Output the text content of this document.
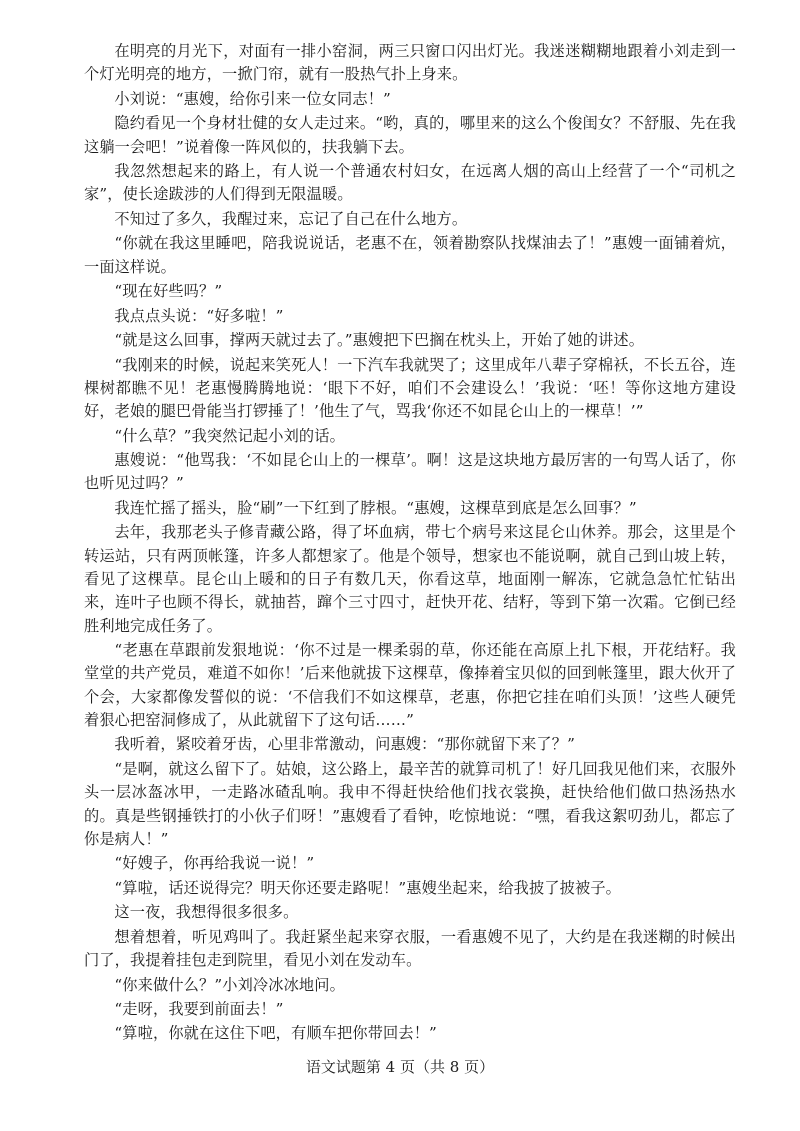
在明亮的月光下，对面有一排小窑洞，两三只窗口闪出灯光。我迷迷糊糊地跟着小刘走到一个灯光明亮的地方，一掀门帘，就有一股热气扑上身来。

小刘说：“惠嫂，给你引来一位女同志！”

隐约看见一个身材壮健的女人走过来。“哟，真的，哪里来的这么个俊闺女？不舒服、先在我这躺一会吧！”说着像一阵风似的，扶我躺下去。

我忽然想起来的路上，有人说一个普通农村妇女，在远离人烟的高山上经营了一个“司机之家”，使长途跋涉的人们得到无限温暖。

不知过了多久，我醒过来，忘记了自己在什么地方。

“你就在我这里睡吧，陪我说说话，老惠不在，领着勘察队找煤油去了！”惠嫂一面铺着炕，一面这样说。

“现在好些吗？”

我点点头说：“好多啦！”

“就是这么回事，撑两天就过去了。”惠嫂把下巴搁在枕头上，开始了她的讲述。

“我刚来的时候，说起来笑死人！一下汽车我就哭了；这里成年八辈子穿棉袄，不长五谷，连棵树都瞧不见！老惠慢腾腾地说：‘眼下不好，咱们不会建设么！’我说：‘呸！等你这地方建设好，老娘的腿巴骨能当打锣捶了！’他生了气，骂我‘你还不如昆仑山上的一棵草！’”

“什么草？”我突然记起小刘的话。

惠嫂说：“他骂我：‘不如昆仑山上的一棵草’。啊！这是这块地方最厉害的一句骂人话了，你也听见过吗？”

我连忙摇了摇头，脸“刷”一下红到了脖根。“惠嫂，这棵草到底是怎么回事？”

去年，我那老头子修青藏公路，得了坏血病，带七个病号来这昆仑山休养。那会，这里是个转运站，只有两顶帐篷，许多人都想家了。他是个领导，想家也不能说啊，就自己到山坡上转，看见了这棵草。昆仑山上暖和的日子有数几天，你看这草，地面刚一解冻，它就急急忙忙钻出来，连叶子也顾不得长，就抽苔，蹿个三寸四寸，赶快开花、结籽，等到下第一次霜。它倒已经胜利地完成任务了。

“老惠在草跟前发狠地说：‘你不过是一棵柔弱的草，你还能在高原上扎下根，开花结籽。我堂堂的共产党员，难道不如你！’后来他就拔下这棵草，像捧着宝贝似的回到帐篷里，跟大伙开了个会，大家都像发誓似的说：‘不信我们不如这棵草，老惠，你把它挂在咱们头顶！’这些人硬凭着狠心把窑洞修成了，从此就留下了这句话……”

我听着，紧咬着牙齿，心里非常激动，问惠嫂：“那你就留下来了？”

“是啊，就这么留下了。姑娘，这公路上，最辛苦的就算司机了！好几回我见他们来，衣服外头一层冰盔冰甲，一走路冰碴乱响。我申不得赶快给他们找衣裳换，赶快给他们做口热汤热水的。真是些钢捶铁打的小伙子们呀！”惠嫂看了看钟，吃惊地说：“嘿，看我这絮叨劲儿，都忘了你是病人！”

“好嫂子，你再给我说一说！”

“算啦，话还说得完？明天你还要走路呢！”惠嫂坐起来，给我披了披被子。

这一夜，我想得很多很多。

想着想着，听见鸡叫了。我赶紧坐起来穿衣服，一看惠嫂不见了，大约是在我迷糊的时候出门了，我提着挂包走到院里，看见小刘在发动车。

“你来做什么？”小刘冷冰冰地问。

“走呀，我要到前面去！”

“算啦，你就在这住下吧，有顺车把你带回去！”

语文试题第 4 页（共 8 页）
